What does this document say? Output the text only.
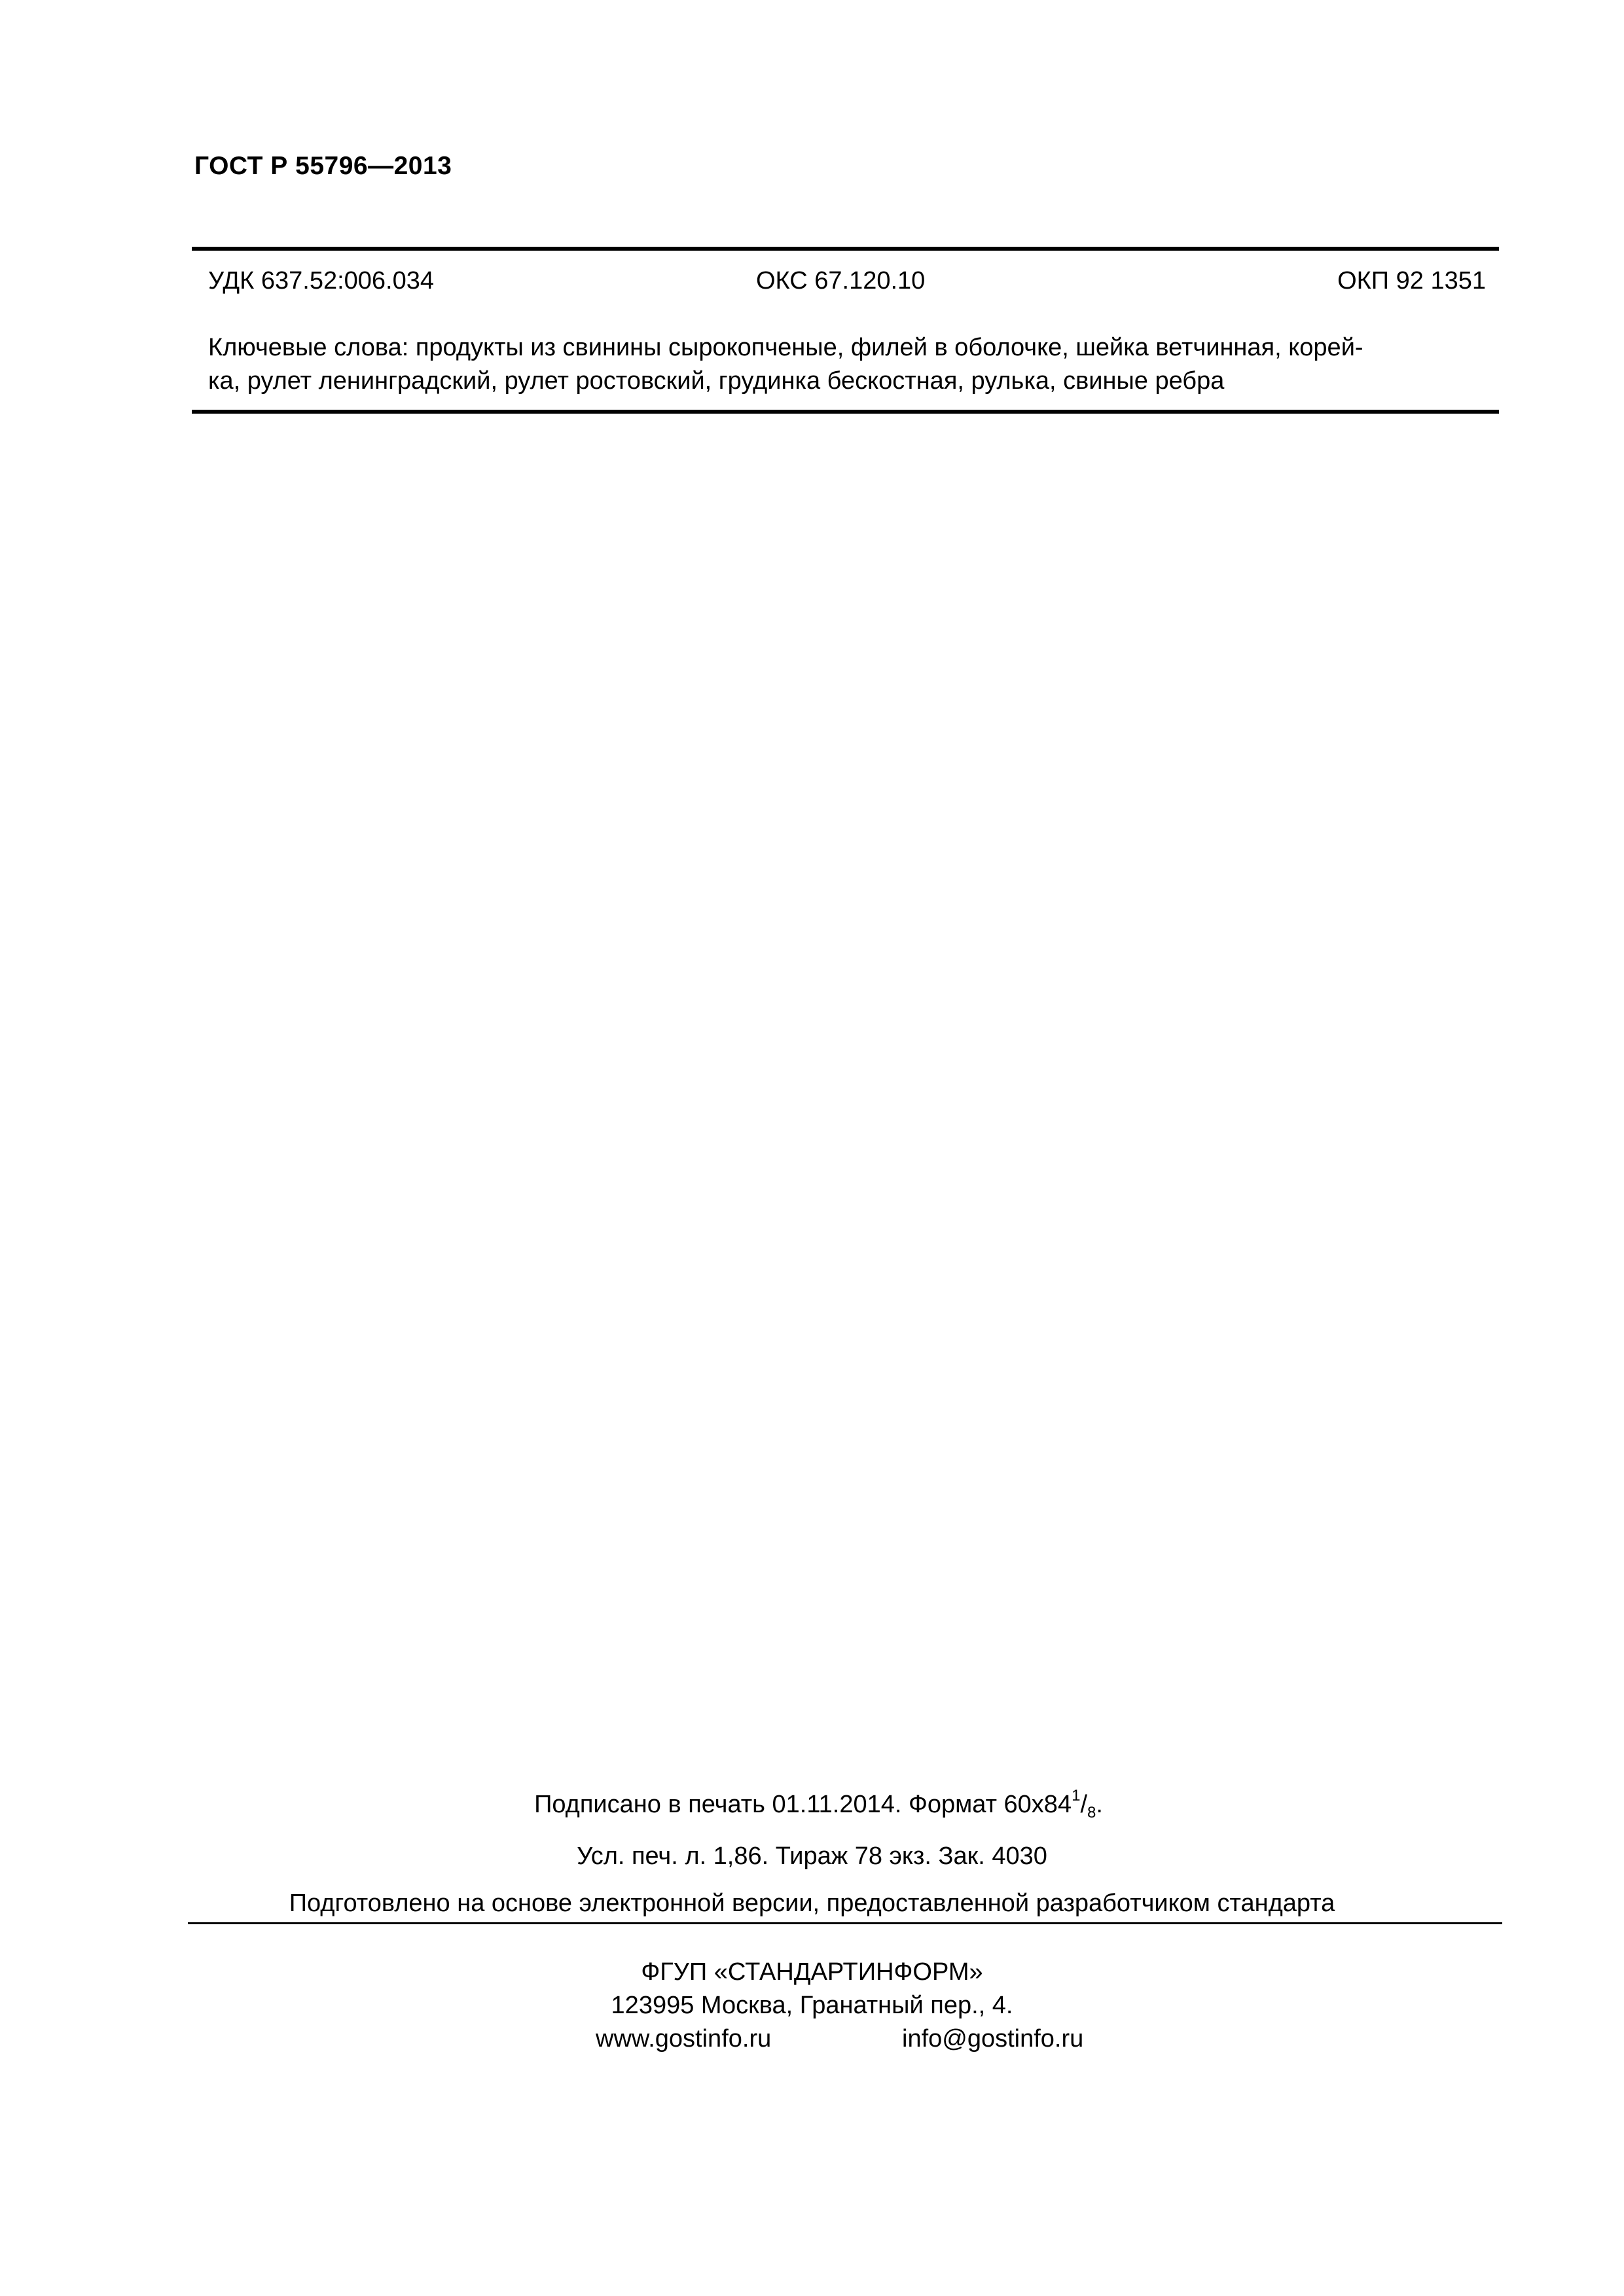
ГОСТ Р 55796—2013
УДК 637.52:006.034	ОКС 67.120.10	ОКП 92 1351
Ключевые слова: продукты из свинины сырокопченые, филей в оболочке, шейка ветчинная, корей-
ка, рулет ленинградский, рулет ростовский, грудинка бескостная, рулька, свиные ребра
Подписано в печать 01.11.2014. Формат $60x84^1/_8$.
Усл. печ. л. 1,86. Тираж 78 экз. Зак. 4030
Подготовлено на основе электронной версии, предоставленной разработчиком стандарта
ФГУП «СТАНДАРТИНФОРМ»
123995 Москва, Гранатный пер., 4.
www.gostinfo.ru	info@gostinfo.ru
